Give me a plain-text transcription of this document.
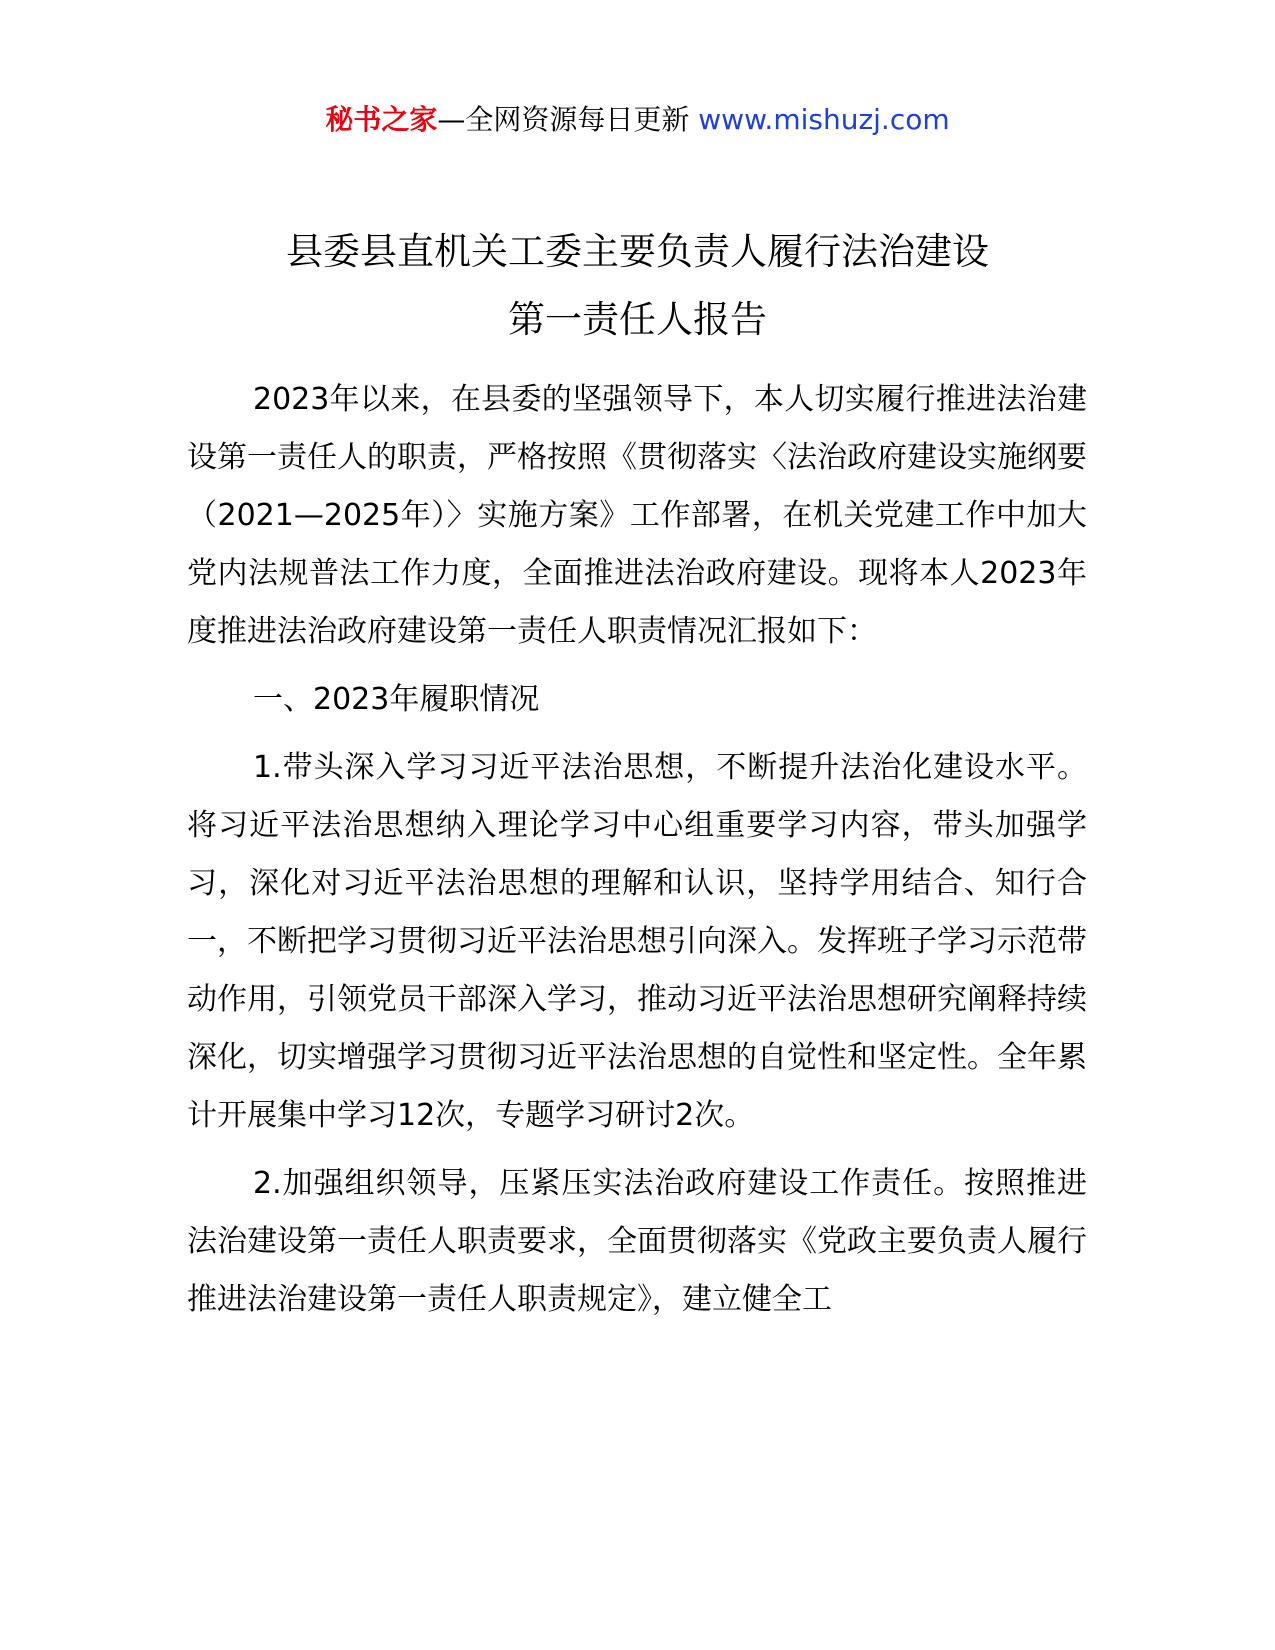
秘书之家—全网资源每日更新 www.mishuzj.com
县委县直机关工委主要负责人履行法治建设
第一责任人报告

2023年以来，在县委的坚强领导下，本人切实履行推进法治建设第一责任人的职责，严格按照《贯彻落实〈法治政府建设实施纲要（2021—2025年）〉实施方案》工作部署，在机关党建工作中加大党内法规普法工作力度，全面推进法治政府建设。现将本人2023年度推进法治政府建设第一责任人职责情况汇报如下：

一、2023年履职情况

1.带头深入学习习近平法治思想，不断提升法治化建设水平。将习近平法治思想纳入理论学习中心组重要学习内容，带头加强学习，深化对习近平法治思想的理解和认识，坚持学用结合、知行合一，不断把学习贯彻习近平法治思想引向深入。发挥班子学习示范带动作用，引领党员干部深入学习，推动习近平法治思想研究阐释持续深化，切实增强学习贯彻习近平法治思想的自觉性和坚定性。全年累计开展集中学习12次，专题学习研讨2次。

2.加强组织领导，压紧压实法治政府建设工作责任。按照推进法治建设第一责任人职责要求，全面贯彻落实《党政主要负责人履行推进法治建设第一责任人职责规定》，建立健全工
